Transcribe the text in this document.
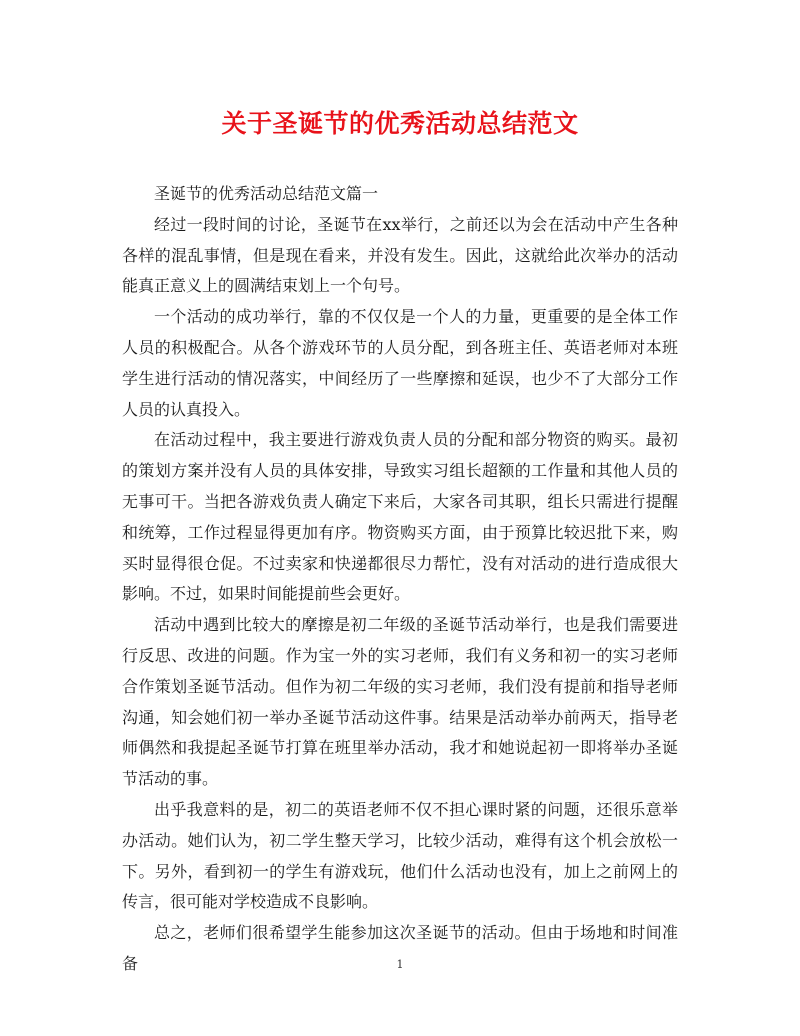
关于圣诞节的优秀活动总结范文

圣诞节的优秀活动总结范文篇一

经过一段时间的讨论，圣诞节在xx举行，之前还以为会在活动中产生各种各样的混乱事情，但是现在看来，并没有发生。因此，这就给此次举办的活动能真正意义上的圆满结束划上一个句号。

一个活动的成功举行，靠的不仅仅是一个人的力量，更重要的是全体工作人员的积极配合。从各个游戏环节的人员分配，到各班主任、英语老师对本班学生进行活动的情况落实，中间经历了一些摩擦和延误，也少不了大部分工作人员的认真投入。

在活动过程中，我主要进行游戏负责人员的分配和部分物资的购买。最初的策划方案并没有人员的具体安排，导致实习组长超额的工作量和其他人员的无事可干。当把各游戏负责人确定下来后，大家各司其职，组长只需进行提醒和统筹，工作过程显得更加有序。物资购买方面，由于预算比较迟批下来，购买时显得很仓促。不过卖家和快递都很尽力帮忙，没有对活动的进行造成很大影响。不过，如果时间能提前些会更好。

活动中遇到比较大的摩擦是初二年级的圣诞节活动举行，也是我们需要进行反思、改进的问题。作为宝一外的实习老师，我们有义务和初一的实习老师合作策划圣诞节活动。但作为初二年级的实习老师，我们没有提前和指导老师沟通，知会她们初一举办圣诞节活动这件事。结果是活动举办前两天，指导老师偶然和我提起圣诞节打算在班里举办活动，我才和她说起初一即将举办圣诞节活动的事。

出乎我意料的是，初二的英语老师不仅不担心课时紧的问题，还很乐意举办活动。她们认为，初二学生整天学习，比较少活动，难得有这个机会放松一下。另外，看到初一的学生有游戏玩，他们什么活动也没有，加上之前网上的传言，很可能对学校造成不良影响。

总之，老师们很希望学生能参加这次圣诞节的活动。但由于场地和时间准备	1
